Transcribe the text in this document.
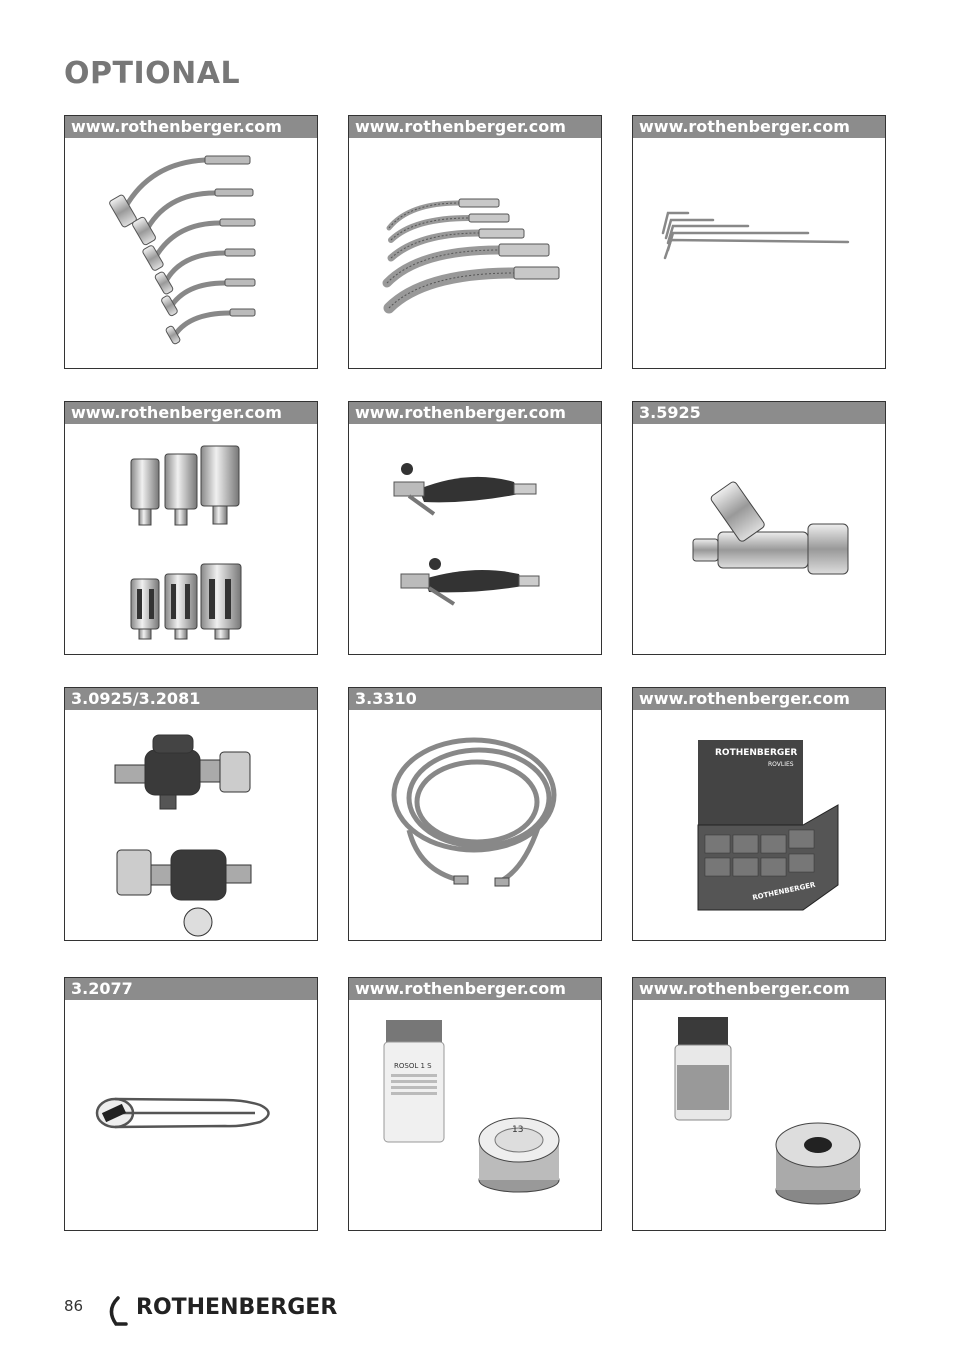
OPTIONAL
www.rothenberger.com	www.rothenberger.com	www.rothenberger.com
www.rothenberger.com	www.rothenberger.com	3.5925
3.0925/3.2081	3.3310	www.rothenberger.com
ROTHENBERGER
ROVLIES
ROTHENBERGER
3.2077	www.rothenberger.com
ROSOL 1 S
13
www.rothenberger.com
86 ROTHENBERGER
